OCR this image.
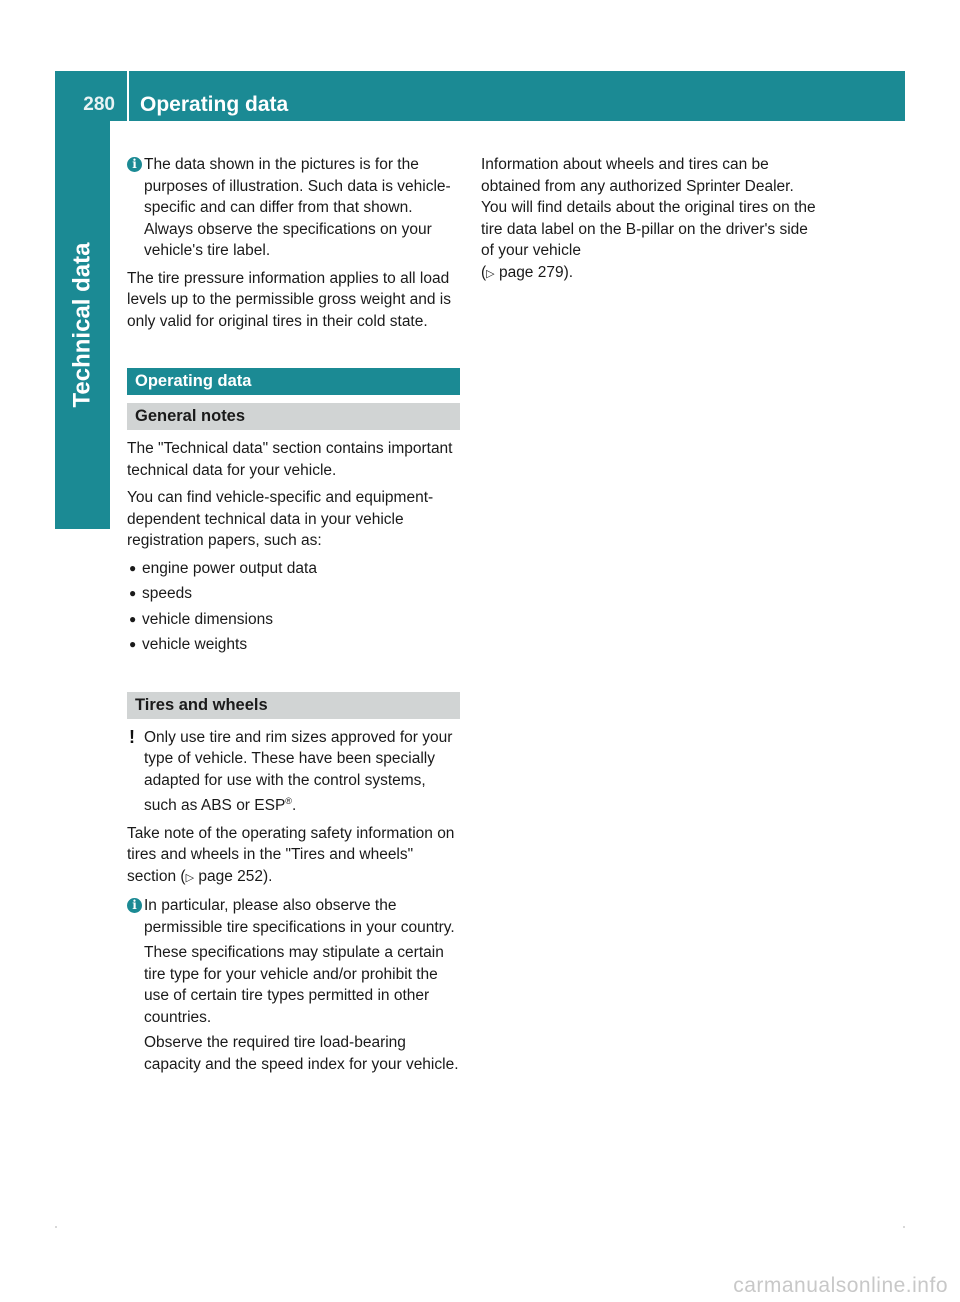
280	Operating data
Technical data
i The data shown in the pictures is for the purposes of illustration. Such data is vehicle-specific and can differ from that shown. Always observe the specifications on your vehicle's tire label.

The tire pressure information applies to all load levels up to the permissible gross weight and is only valid for original tires in their cold state.

Operating data
General notes

The "Technical data" section contains important technical data for your vehicle.

You can find vehicle-specific and equipment-dependent technical data in your vehicle registration papers, such as:

● engine power output data
● speeds
● vehicle dimensions
● vehicle weights
Tires and wheels
! Only use tire and rim sizes approved for your type of vehicle. These have been specially adapted for use with the control systems, such as ABS or ESP®.

Take note of the operating safety information on tires and wheels in the "Tires and wheels" section (▷ page 252).

i In particular, please also observe the permissible tire specifications in your country.

These specifications may stipulate a certain tire type for your vehicle and/or prohibit the use of certain tire types permitted in other countries.

Observe the required tire load-bearing capacity and the speed index for your vehicle.

Information about wheels and tires can be obtained from any authorized Sprinter Dealer. You will find details about the original tires on the tire data label on the B-pillar on the driver's side of your vehicle
(▷ page 279).

carmanualsonline.info
